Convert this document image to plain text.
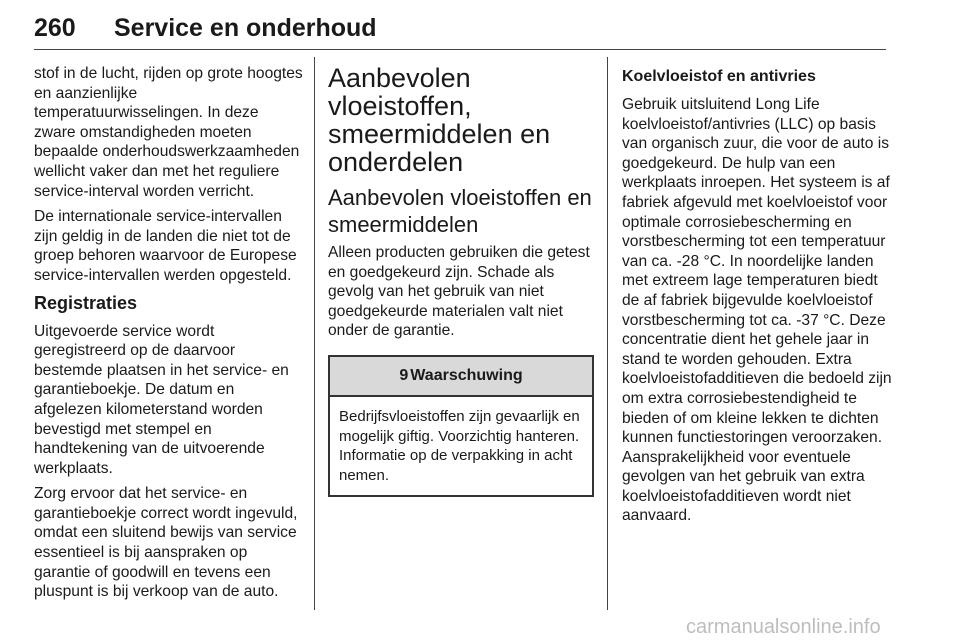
260 Service en onderhoud

stof in de lucht, rijden op grote hoogtes en aanzienlijke temperatuurwisselingen. In deze zware omstandigheden moeten bepaalde onderhoudswerkzaamheden wellicht vaker dan met het reguliere service-interval worden verricht.

De internationale service-intervallen zijn geldig in de landen die niet tot de groep behoren waarvoor de Europese service-intervallen werden opgesteld.

Registraties

Uitgevoerde service wordt geregistreerd op de daarvoor bestemde plaatsen in het service- en garantieboekje. De datum en afgelezen kilometerstand worden bevestigd met stempel en handtekening van de uitvoerende werkplaats.

Zorg ervoor dat het service- en garantieboekje correct wordt ingevuld, omdat een sluitend bewijs van service essentieel is bij aanspraken op garantie of goodwill en tevens een pluspunt is bij verkoop van de auto.

Aanbevolen vloeistoffen, smeermiddelen en onderdelen
Aanbevolen vloeistoffen en smeermiddelen

Alleen producten gebruiken die getest en goedgekeurd zijn. Schade als gevolg van het gebruik van niet goedgekeurde materialen valt niet onder de garantie.

9 Waarschuwing
Bedrijfsvloeistoffen zijn gevaarlijk en mogelijk giftig. Voorzichtig hanteren. Informatie op de verpakking in acht nemen.
Koelvloeistof en antivries

Gebruik uitsluitend Long Life koelvloeistof/antivries (LLC) op basis van organisch zuur, die voor de auto is goedgekeurd. De hulp van een werkplaats inroepen. Het systeem is af fabriek afgevuld met koelvloeistof voor optimale corrosiebescherming en vorstbescherming tot een temperatuur van ca. -28 °C. In noordelijke landen met extreem lage temperaturen biedt de af fabriek bijgevulde koelvloeistof vorstbescherming tot ca. -37 °C. Deze concentratie dient het gehele jaar in stand te worden gehouden. Extra koelvloeistofadditieven die bedoeld zijn om extra corrosiebestendigheid te bieden of om kleine lekken te dichten kunnen functiestoringen veroorzaken. Aansprakelijkheid voor eventuele gevolgen van het gebruik van extra koelvloeistofadditieven wordt niet aanvaard.

carmanualsonline.info
